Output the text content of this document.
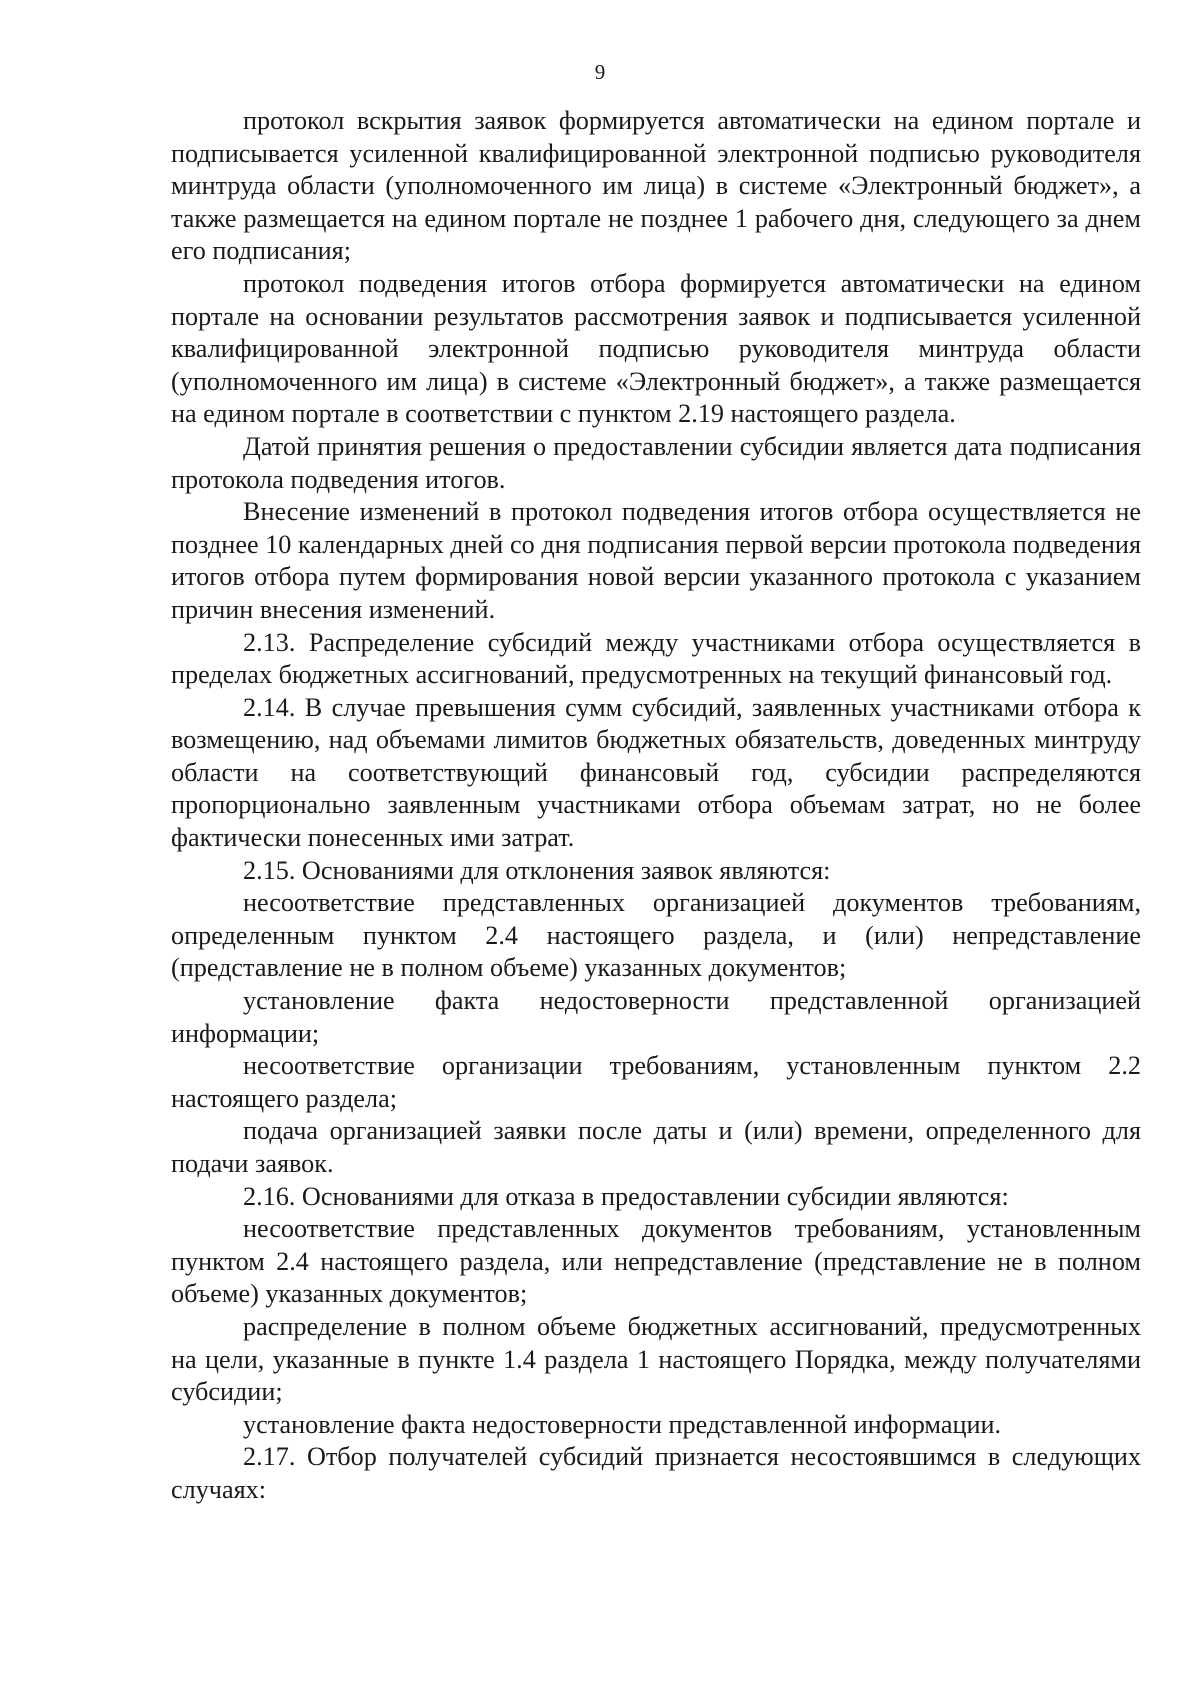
9

протокол вскрытия заявок формируется автоматически на едином портале и подписывается усиленной квалифицированной электронной подписью руководителя минтруда области (уполномоченного им лица) в системе «Электронный бюджет», а также размещается на едином портале не позднее 1 рабочего дня, следующего за днем его подписания;

протокол подведения итогов отбора формируется автоматически на едином портале на основании результатов рассмотрения заявок и подписывается усиленной квалифицированной электронной подписью руководителя минтруда области (уполномоченного им лица) в системе «Электронный бюджет», а также размещается на едином портале в соответствии с пунктом 2.19 настоящего раздела.

Датой принятия решения о предоставлении субсидии является дата подписания протокола подведения итогов.

Внесение изменений в протокол подведения итогов отбора осуществляется не позднее 10 календарных дней со дня подписания первой версии протокола подведения итогов отбора путем формирования новой версии указанного протокола с указанием причин внесения изменений.

2.13. Распределение субсидий между участниками отбора осуществляется в пределах бюджетных ассигнований, предусмотренных на текущий финансовый год.

2.14. В случае превышения сумм субсидий, заявленных участниками отбора к возмещению, над объемами лимитов бюджетных обязательств, доведенных минтруду области на соответствующий финансовый год, субсидии распределяются пропорционально заявленным участниками отбора объемам затрат, но не более фактически понесенных ими затрат.

2.15. Основаниями для отклонения заявок являются:

несоответствие представленных организацией документов требованиям, определенным пунктом 2.4 настоящего раздела, и (или) непредставление (представление не в полном объеме) указанных документов;

установление факта недостоверности представленной организацией информации;

несоответствие организации требованиям, установленным пунктом 2.2 настоящего раздела;

подача организацией заявки после даты и (или) времени, определенного для подачи заявок.

2.16. Основаниями для отказа в предоставлении субсидии являются:

несоответствие представленных документов требованиям, установленным пунктом 2.4 настоящего раздела, или непредставление (представление не в полном объеме) указанных документов;

распределение в полном объеме бюджетных ассигнований, предусмотренных на цели, указанные в пункте 1.4 раздела 1 настоящего Порядка, между получателями субсидии;

установление факта недостоверности представленной информации.

2.17. Отбор получателей субсидий признается несостоявшимся в следующих случаях:
